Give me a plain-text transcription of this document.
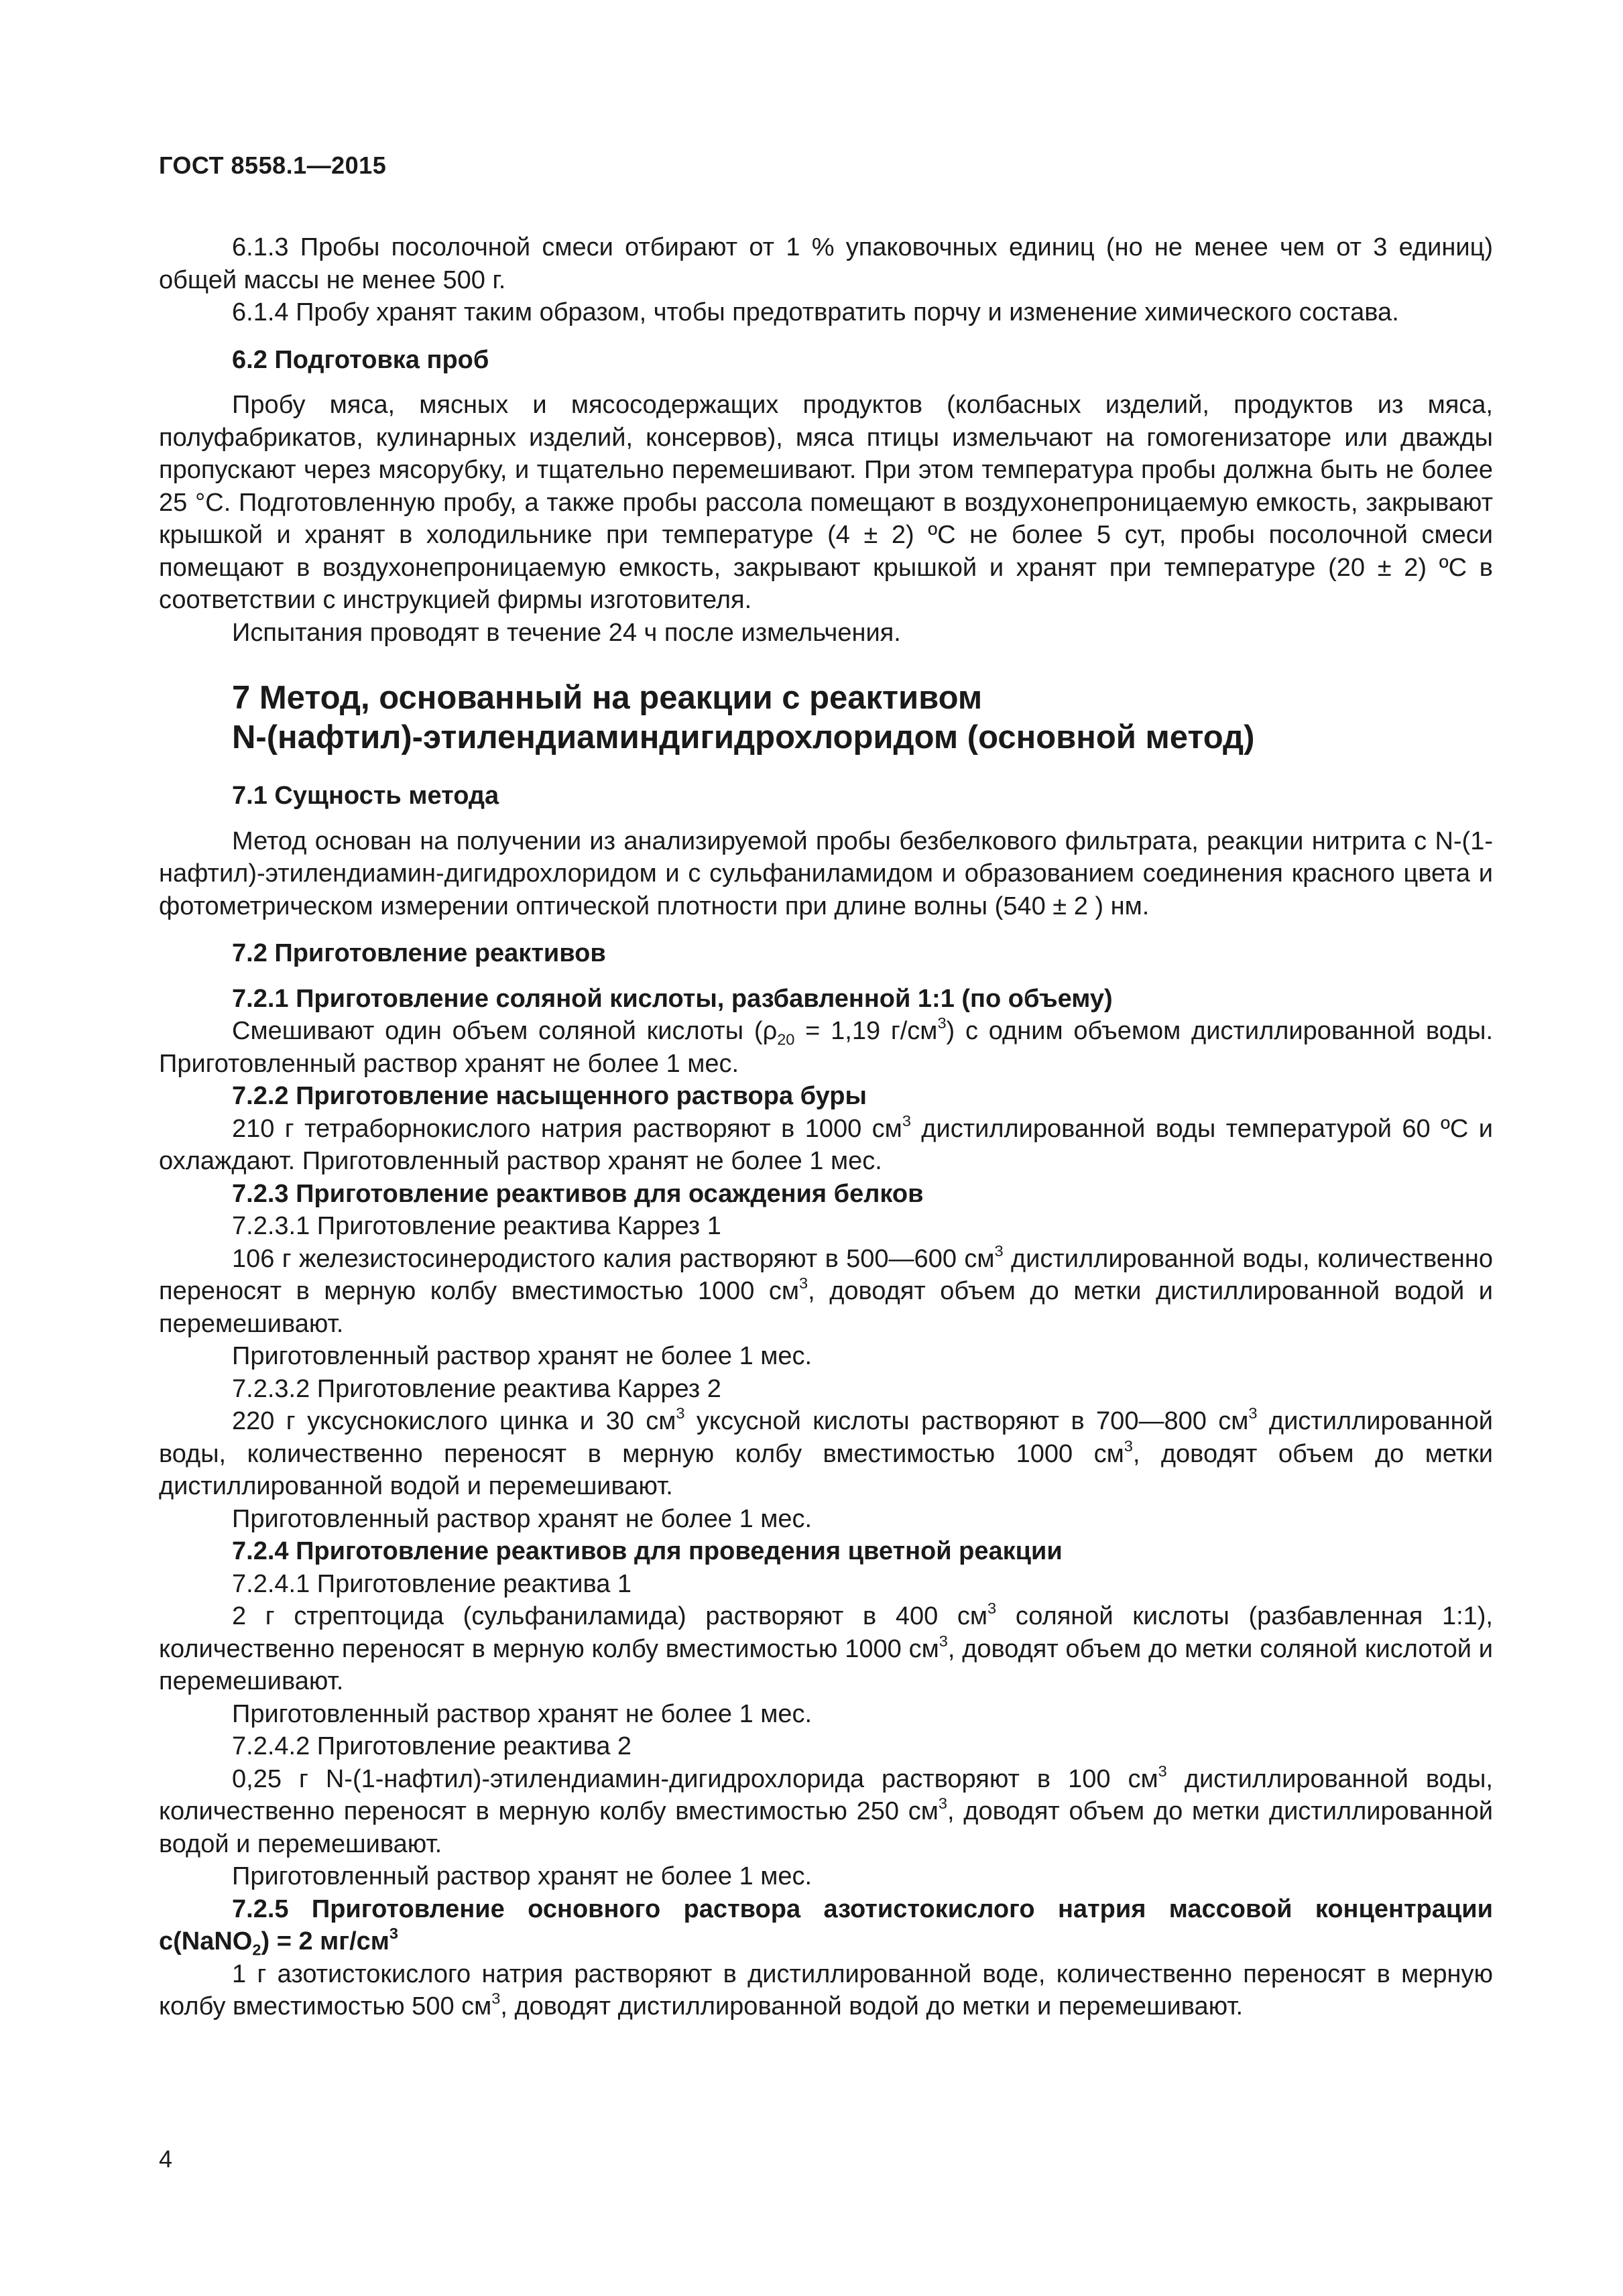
ГОСТ 8558.1—2015

6.1.3 Пробы посолочной смеси отбирают от 1 % упаковочных единиц (но не менее чем от 3 единиц) общей массы не менее 500 г.

6.1.4 Пробу хранят таким образом, чтобы предотвратить порчу и изменение химического состава.

6.2 Подготовка проб

Пробу мяса, мясных и мясосодержащих продуктов (колбасных изделий, продуктов из мяса, полуфабрикатов, кулинарных изделий, консервов), мяса птицы измельчают на гомогенизаторе или дважды пропускают через мясорубку, и тщательно перемешивают. При этом температура пробы должна быть не более 25 °С. Подготовленную пробу, а также пробы рассола помещают в воздухонепроницаемую емкость, закрывают крышкой и хранят в холодильнике при температуре (4 ± 2) ºС не более 5 сут, пробы посолочной смеси помещают в воздухонепроницаемую емкость, закрывают крышкой и хранят при температуре (20 ± 2) ºС в соответствии с инструкцией фирмы изготовителя.

Испытания проводят в течение 24 ч после измельчения.

7 Метод, основанный на реакции с реактивом
N-(нафтил)-этилендиаминдигидрохлоридом (основной метод)

7.1 Сущность метода

Метод основан на получении из анализируемой пробы безбелкового фильтрата, реакции нитрита с N-(1-нафтил)-этилендиамин-дигидрохлоридом и с сульфаниламидом и образованием соединения красного цвета и фотометрическом измерении оптической плотности при длине волны (540 ± 2 ) нм.

7.2 Приготовление реактивов

7.2.1 Приготовление соляной кислоты, разбавленной 1:1 (по объему)

Смешивают один объем соляной кислоты ($\rho_{20} = 1,19$ $г/см^3$) с одним объемом дистиллированной воды. Приготовленный раствор хранят не более 1 мес.

7.2.2 Приготовление насыщенного раствора буры

210 г тетраборнокислого натрия растворяют в 1000 $см^3$ дистиллированной воды температурой 60 ºС и охлаждают. Приготовленный раствор хранят не более 1 мес.

7.2.3 Приготовление реактивов для осаждения белков

7.2.3.1 Приготовление реактива Каррез 1

106 г железистосинеродистого калия растворяют в 500—600 $см^3$ дистиллированной воды, количественно переносят в мерную колбу вместимостью 1000 $см^3$, доводят объем до метки дистиллированной водой и перемешивают.

Приготовленный раствор хранят не более 1 мес.

7.2.3.2 Приготовление реактива Каррез 2

220 г уксуснокислого цинка и 30 $см^3$ уксусной кислоты растворяют в 700—800 $см^3$ дистиллированной воды, количественно переносят в мерную колбу вместимостью 1000 $см^3$, доводят объем до метки дистиллированной водой и перемешивают.

Приготовленный раствор хранят не более 1 мес.

7.2.4 Приготовление реактивов для проведения цветной реакции

7.2.4.1 Приготовление реактива 1

2 г стрептоцида (сульфаниламида) растворяют в 400 $см^3$ соляной кислоты (разбавленная 1:1), количественно переносят в мерную колбу вместимостью 1000 $см^3$, доводят объем до метки соляной кислотой и перемешивают.

Приготовленный раствор хранят не более 1 мес.

7.2.4.2 Приготовление реактива 2

0,25 г N-(1-нафтил)-этилендиамин-дигидрохлорида растворяют в 100 $см^3$ дистиллированной воды, количественно переносят в мерную колбу вместимостью 250 $см^3$, доводят объем до метки дистиллированной водой и перемешивают.

Приготовленный раствор хранят не более 1 мес.

7.2.5 Приготовление основного раствора азотистокислого натрия массовой концентрации c(NaNO$_2$) = 2 $мг/см^3$

1 г азотистокислого натрия растворяют в дистиллированной воде, количественно переносят в мерную колбу вместимостью 500 $см^3$, доводят дистиллированной водой до метки и перемешивают.

4
